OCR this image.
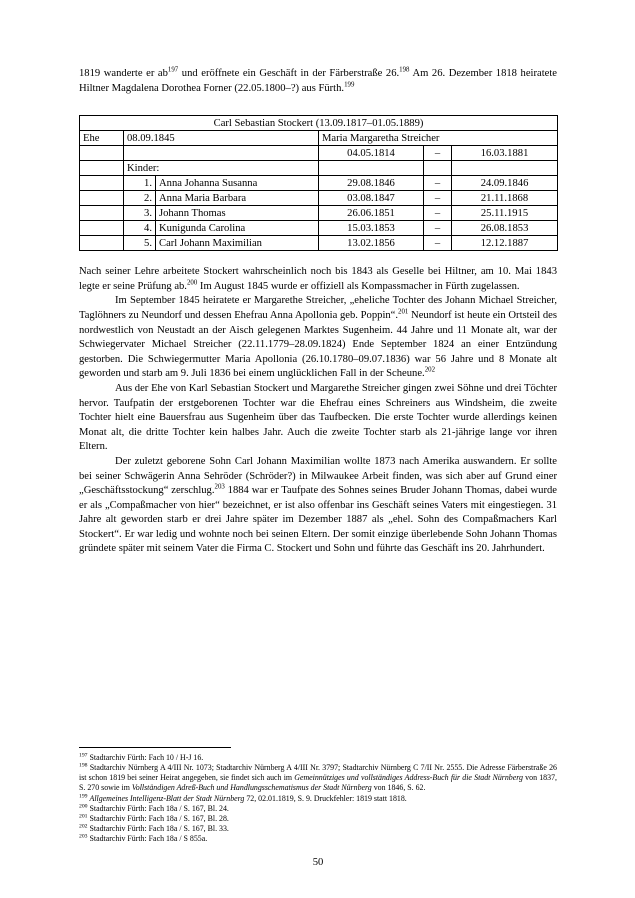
1819 wanderte er $ab^{197}$ und eröffnete ein Geschäft in der Färberstraße 26.$^{198}$ Am 26. Dezember 1818 heiratete Hiltner Magdalena Dorothea Forner (22.05.1800–?) aus Fürth.$^{199}$

Carl Sebastian Stockert (13.09.1817–01.05.1889)					
Ehe	08.09.1845		Maria Margaretha Streicher		
			04.05.1814	–	16.03.1881
	Kinder:				
	1.	Anna Johanna Susanna	29.08.1846	–	24.09.1846
	2.	Anna Maria Barbara	03.08.1847	–	21.11.1868
	3.	Johann Thomas	26.06.1851	–	25.11.1915
	4.	Kunigunda Carolina	15.03.1853	–	26.08.1853
	5.	Carl Johann Maximilian	13.02.1856	–	12.12.1887

Nach seiner Lehre arbeitete Stockert wahrscheinlich noch bis 1843 als Geselle bei Hiltner, am 10. Mai 1843 legte er seine Prüfung ab.$^{200}$ Im August 1845 wurde er offiziell als Kompassmacher in Fürth zugelassen.

Im September 1845 heiratete er Margarethe Streicher, „eheliche Tochter des Johann Michael Streicher, Taglöhners zu Neundorf und dessen Ehefrau Anna Apollonia geb. Poppin“.$^{201}$ Neundorf ist heute ein Ortsteil des nordwestlich von Neustadt an der Aisch gelegenen Marktes Sugenheim. 44 Jahre und 11 Monate alt, war der Schwiegervater Michael Streicher (22.11.1779–28.09.1824) Ende September 1824 an einer Entzündung gestorben. Die Schwiegermutter Maria Apollonia (26.10.1780–09.07.1836) war 56 Jahre und 8 Monate alt geworden und starb am 9. Juli 1836 bei einem unglücklichen Fall in der Scheune.$^{202}$

Aus der Ehe von Karl Sebastian Stockert und Margarethe Streicher gingen zwei Söhne und drei Töchter hervor. Taufpatin der erstgeborenen Tochter war die Ehefrau eines Schreiners aus Windsheim, die zweite Tochter hielt eine Bauersfrau aus Sugenheim über das Taufbecken. Die erste Tochter wurde allerdings keinen Monat alt, die dritte Tochter kein halbes Jahr. Auch die zweite Tochter starb als 21-jährige lange vor ihren Eltern.

Der zuletzt geborene Sohn Carl Johann Maximilian wollte 1873 nach Amerika auswandern. Er sollte bei seiner Schwägerin Anna Sehröder (Schröder?) in Milwaukee Arbeit finden, was sich aber auf Grund einer „Geschäftsstockung“ zerschlug.$^{203}$ 1884 war er Taufpate des Sohnes seines Bruder Johann Thomas, dabei wurde er als „Compaßmacher von hier“ bezeichnet, er ist also offenbar ins Geschäft seines Vaters mit eingestiegen. 31 Jahre alt geworden starb er drei Jahre später im Dezember 1887 als „ehel. Sohn des Compaßmachers Karl Stockert“. Er war ledig und wohnte noch bei seinen Eltern. Der somit einzige überlebende Sohn Johann Thomas gründete später mit seinem Vater die Firma C. Stockert und Sohn und führte das Geschäft ins 20. Jahrhundert.

$^{197}$ Stadtarchiv Fürth: Fach 10 / H-J 16.
$^{198}$ Stadtarchiv Nürnberg A 4/III Nr. 1073; Stadtarchiv Nürnberg A 4/III Nr. 3797; Stadtarchiv Nürnberg C 7/II Nr. 2555. Die Adresse Färberstraße 26 ist schon 1819 bei seiner Heirat angegeben, sie findet sich auch im Gemeinnütziges und vollständiges Address-Buch für die Stadt Nürnberg von 1837, S. 270 sowie im Vollständigen Adreß-Buch und Handlungsschematismus der Stadt Nürnberg von 1846, S. 62.
$^{199}$ Allgemeines Intelligenz-Blatt der Stadt Nürnberg 72, 02.01.1819, S. 9. Druckfehler: 1819 statt 1818.
$^{200}$ Stadtarchiv Fürth: Fach 18a / S. 167, Bl. 24.
$^{201}$ Stadtarchiv Fürth: Fach 18a / S. 167, Bl. 28.
$^{202}$ Stadtarchiv Fürth: Fach 18a / S. 167, Bl. 33.
$^{203}$ Stadtarchiv Fürth: Fach 18a / S 855a.
50
